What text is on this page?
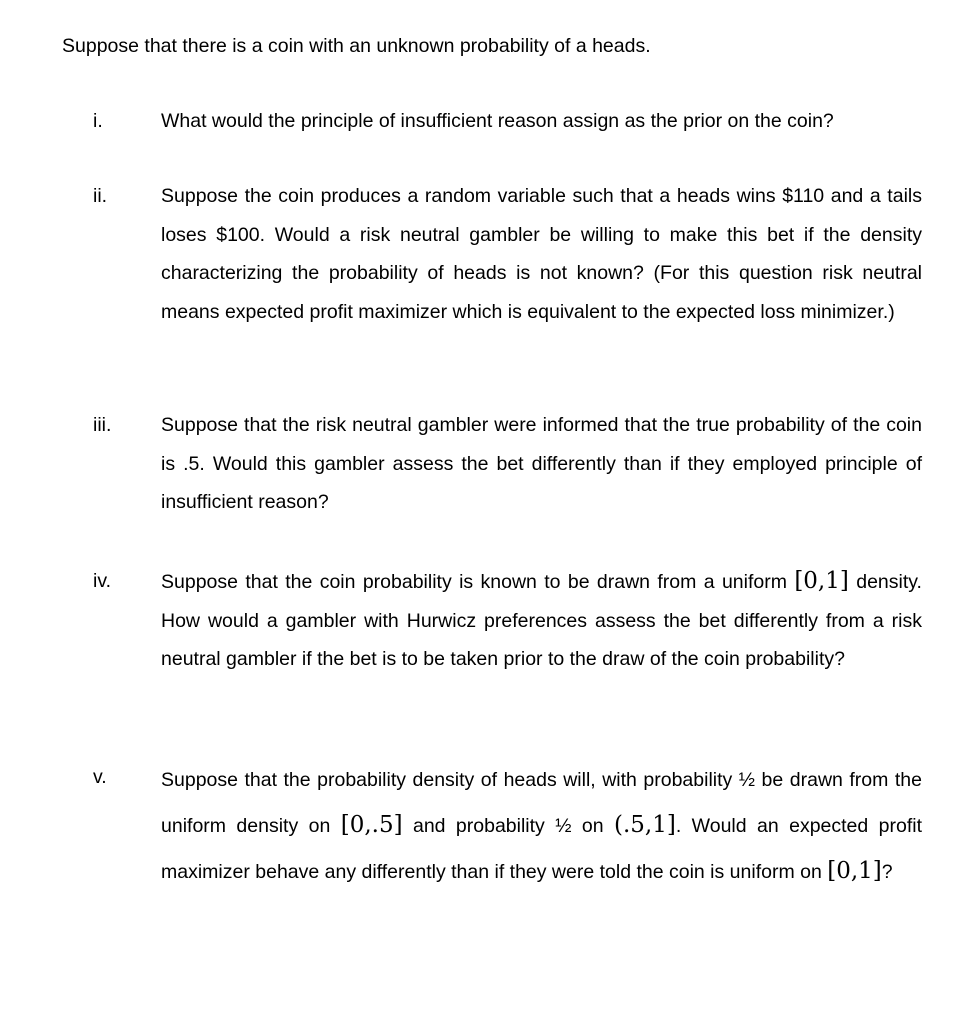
Suppose that there is a coin with an unknown probability of a heads.
i.	What would the principle of insufficient reason assign as the prior on the coin?
ii.	Suppose the coin produces a random variable such that a heads wins $110 and a tails loses $100. Would a risk neutral gambler be willing to make this bet if the density characterizing the probability of heads is not known? (For this question risk neutral means expected profit maximizer which is equivalent to the expected loss minimizer.)
iii.	Suppose that the risk neutral gambler were informed that the true probability of the coin is .5. Would this gambler assess the bet differently than if they employed principle of insufficient reason?
iv.	Suppose that the coin probability is known to be drawn from a uniform [0,1] density. How would a gambler with Hurwicz preferences assess the bet differently from a risk neutral gambler if the bet is to be taken prior to the draw of the coin probability?
v.	Suppose that the probability density of heads will, with probability ½ be drawn from the uniform density on [0,.5] and probability ½ on (.5,1]. Would an expected profit maximizer behave any differently than if they were told the coin is uniform on [0,1]?
